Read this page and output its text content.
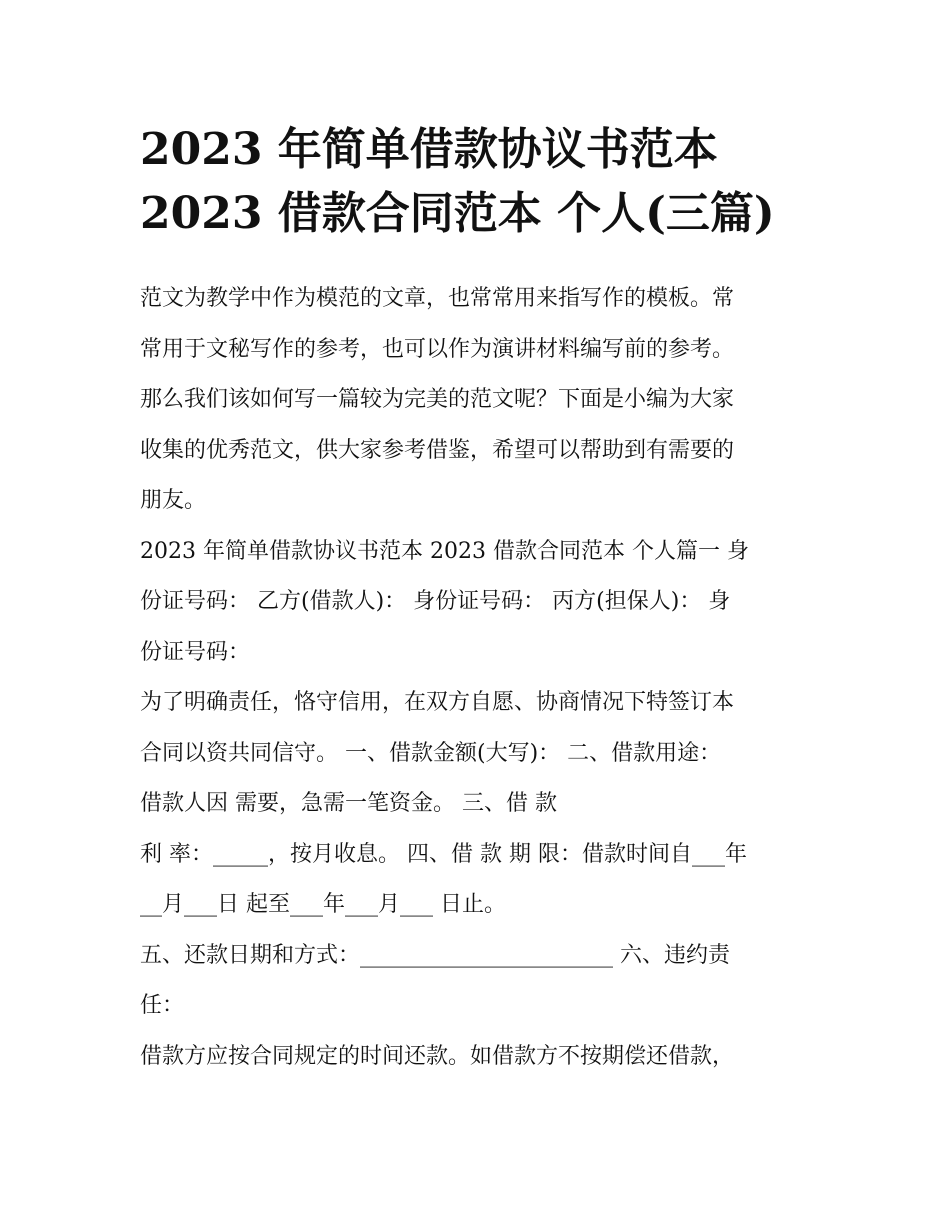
2023 年简单借款协议书范本
2023 借款合同范本 个人(三篇)
范文为教学中作为模范的文章，也常常用来指写作的模板。常
常用于文秘写作的参考，也可以作为演讲材料编写前的参考。
那么我们该如何写一篇较为完美的范文呢？下面是小编为大家
收集的优秀范文，供大家参考借鉴，希望可以帮助到有需要的
朋友。
2023 年简单借款协议书范本 2023 借款合同范本 个人篇一 身
份证号码： 乙方(借款人)： 身份证号码： 丙方(担保人)： 身
份证号码：
为了明确责任，恪守信用，在双方自愿、协商情况下特签订本
合同以资共同信守。 一、借款金额(大写)： 二、借款用途：
借款人因 需要，急需一笔资金。 三、借 款
利 率：_____，按月收息。 四、借 款 期 限：借款时间自___年
__月___日 起至___年___月___ 日止。
五、还款日期和方式：_______________________ 六、违约责
任：
借款方应按合同规定的时间还款。如借款方不按期偿还借款，
